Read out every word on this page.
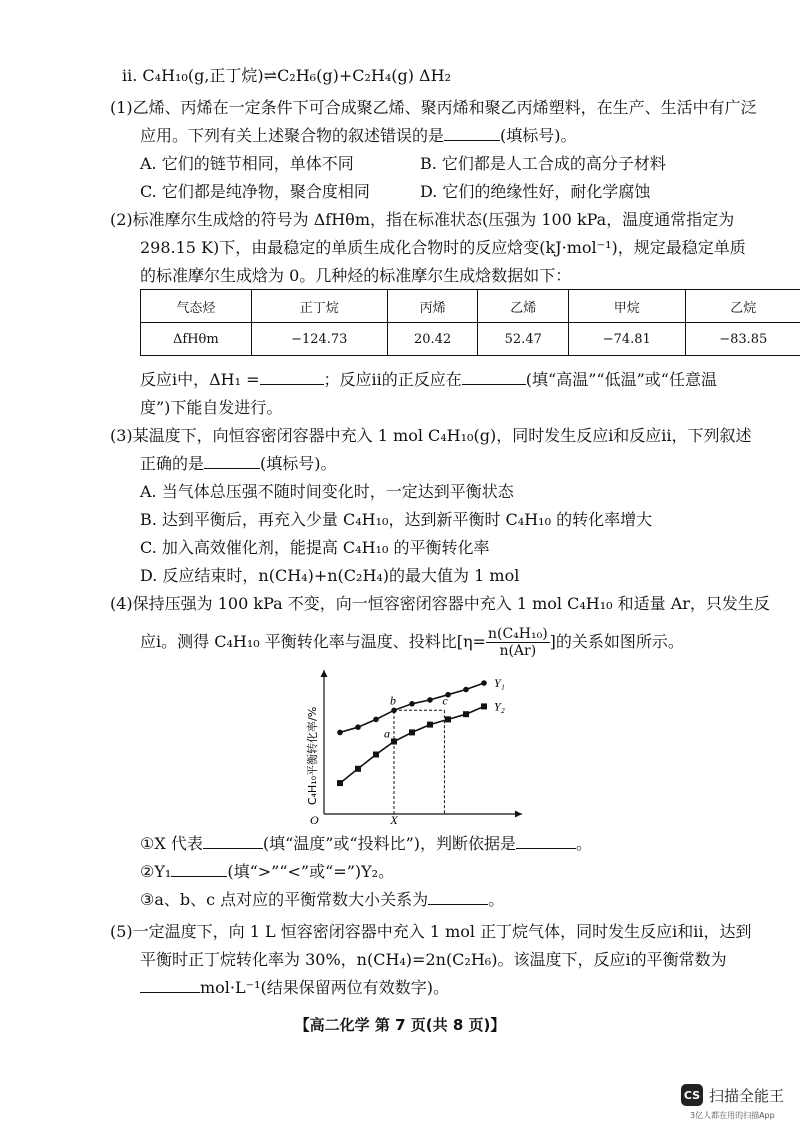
ⅱ. C₄H₁₀(g,正丁烷)⇌C₂H₆(g)+C₂H₄(g) ΔH₂
(1)乙烯、丙烯在一定条件下可合成聚乙烯、聚丙烯和聚乙丙烯塑料，在生产、生活中有广泛
应用。下列有关上述聚合物的叙述错误的是	(填标号)。
A. 它们的链节相同，单体不同	B. 它们都是人工合成的高分子材料
C. 它们都是纯净物，聚合度相同	D. 它们的绝缘性好，耐化学腐蚀
(2)标准摩尔生成焓的符号为 ΔfHθm，指在标准状态(压强为 100 kPa，温度通常指定为
298.15 K)下，由最稳定的单质生成化合物时的反应焓变(kJ·mol⁻¹)，规定最稳定单质
的标准摩尔生成焓为 0。几种烃的标准摩尔生成焓数据如下：
气态烃	正丁烷	丙烯	乙烯	甲烷	乙烷
ΔfHθm	−124.73	20.42	52.47	−74.81	−83.85
反应ⅰ中，ΔH₁ =	；反应ⅱ的正反应在	(填“高温”“低温”或“任意温
度”)下能自发进行。
(3)某温度下，向恒容密闭容器中充入 1 mol C₄H₁₀(g)，同时发生反应ⅰ和反应ⅱ，下列叙述
正确的是	(填标号)。
A. 当气体总压强不随时间变化时，一定达到平衡状态
B. 达到平衡后，再充入少量 C₄H₁₀，达到新平衡时 C₄H₁₀ 的转化率增大
C. 加入高效催化剂，能提高 C₄H₁₀ 的平衡转化率
D. 反应结束时，n(CH₄)+n(C₂H₄)的最大值为 1 mol
(4)保持压强为 100 kPa 不变，向一恒容密闭容器中充入 1 mol C₄H₁₀ 和适量 Ar，只发生反
应ⅰ。测得 C₄H₁₀ 平衡转化率与温度、投料比[$\eta= \frac{\text{n(C₄H₁₀)}}{n(Ar)}$ ]的关系如图所示。
Y₁
Y₂
a
b	c
O
C₄H₁₀平衡转化率/%
X
①X 代表	(填“温度”或“投料比”)，判断依据是	。
②Y₁	(填“>”“<”或“=”)Y₂。
③a、b、c 点对应的平衡常数大小关系为	。
(5)一定温度下，向 1 L 恒容密闭容器中充入 1 mol 正丁烷气体，同时发生反应ⅰ和ⅱ，达到
平衡时正丁烷转化率为 30%，n(CH₄)=2n(C₂H₆)。该温度下，反应ⅰ的平衡常数为
mol·L⁻¹(结果保留两位有效数字)。
【高二化学 第 7 页(共 8 页)】
CS 扫描全能王
3亿人都在用的扫描App
